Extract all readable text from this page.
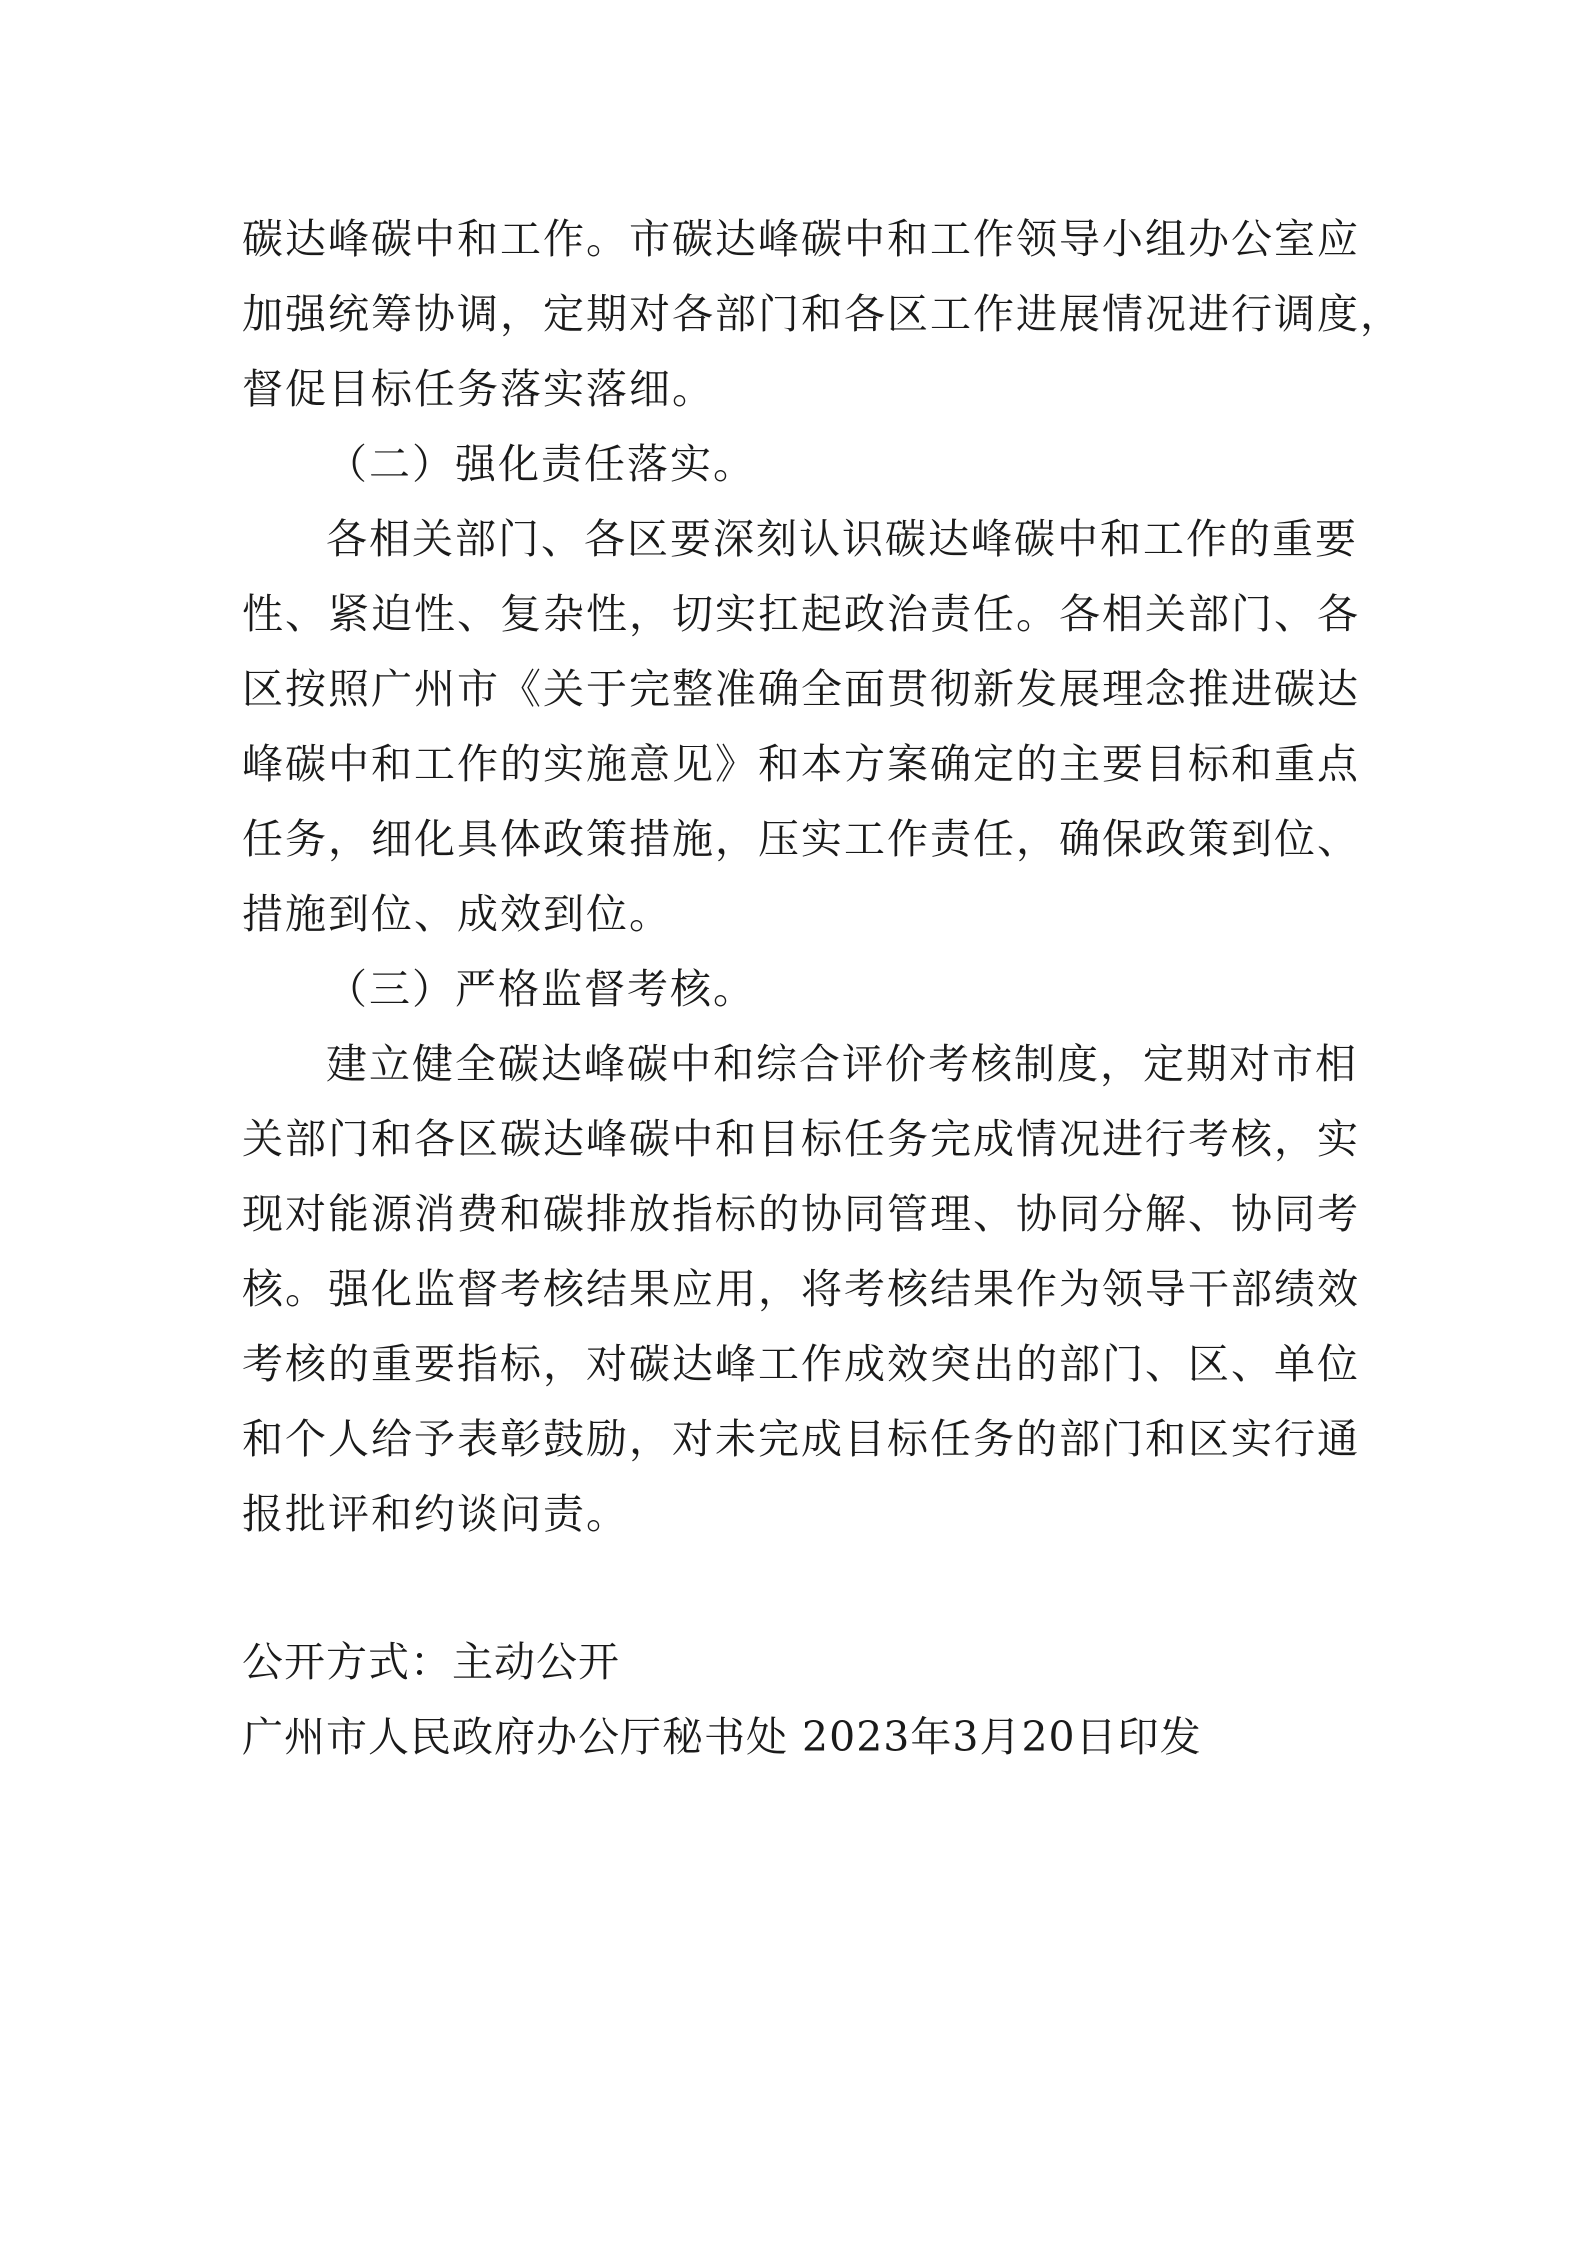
碳达峰碳中和工作。市碳达峰碳中和工作领导小组办公室应
加强统筹协调，定期对各部门和各区工作进展情况进行调度，
督促目标任务落实落细。
（二）强化责任落实。
各相关部门、各区要深刻认识碳达峰碳中和工作的重要
性、紧迫性、复杂性，切实扛起政治责任。各相关部门、各
区按照广州市《关于完整准确全面贯彻新发展理念推进碳达
峰碳中和工作的实施意见》和本方案确定的主要目标和重点
任务，细化具体政策措施，压实工作责任，确保政策到位、
措施到位、成效到位。
（三）严格监督考核。
建立健全碳达峰碳中和综合评价考核制度，定期对市相
关部门和各区碳达峰碳中和目标任务完成情况进行考核，实
现对能源消费和碳排放指标的协同管理、协同分解、协同考
核。强化监督考核结果应用，将考核结果作为领导干部绩效
考核的重要指标，对碳达峰工作成效突出的部门、区、单位
和个人给予表彰鼓励，对未完成目标任务的部门和区实行通
报批评和约谈问责。
公开方式：主动公开
广州市人民政府办公厅秘书处 2023年3月20日印发
